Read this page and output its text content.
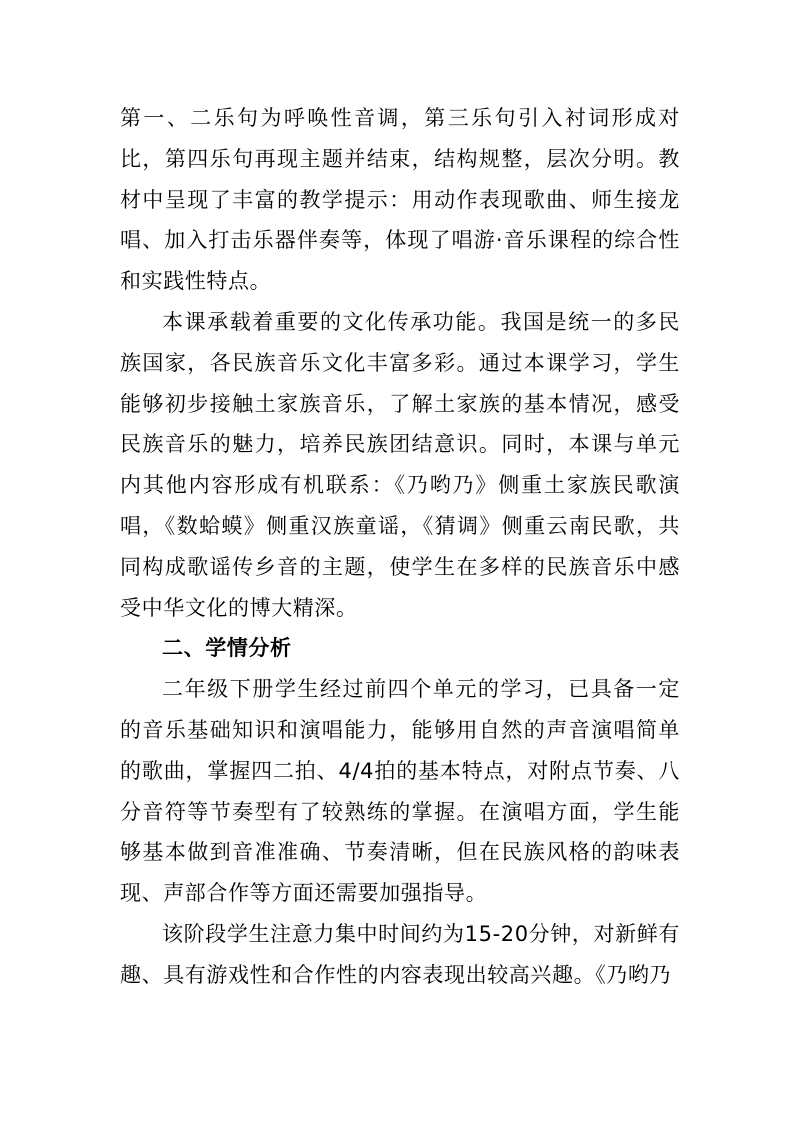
第一、二乐句为呼唤性音调，第三乐句引入衬词形成对比，第四乐句再现主题并结束，结构规整，层次分明。教材中呈现了丰富的教学提示：用动作表现歌曲、师生接龙唱、加入打击乐器伴奏等，体现了唱游·音乐课程的综合性和实践性特点。

本课承载着重要的文化传承功能。我国是统一的多民族国家，各民族音乐文化丰富多彩。通过本课学习，学生能够初步接触土家族音乐，了解土家族的基本情况，感受民族音乐的魅力，培养民族团结意识。同时，本课与单元内其他内容形成有机联系：《乃哟乃》侧重土家族民歌演唱，《数蛤蟆》侧重汉族童谣，《猜调》侧重云南民歌，共同构成歌谣传乡音的主题，使学生在多样的民族音乐中感受中华文化的博大精深。

二、学情分析

二年级下册学生经过前四个单元的学习，已具备一定的音乐基础知识和演唱能力，能够用自然的声音演唱简单的歌曲，掌握四二拍、4/4拍的基本特点，对附点节奏、八分音符等节奏型有了较熟练的掌握。在演唱方面，学生能够基本做到音准准确、节奏清晰，但在民族风格的韵味表现、声部合作等方面还需要加强指导。

该阶段学生注意力集中时间约为15-20分钟，对新鲜有趣、具有游戏性和合作性的内容表现出较高兴趣。《乃哟乃
